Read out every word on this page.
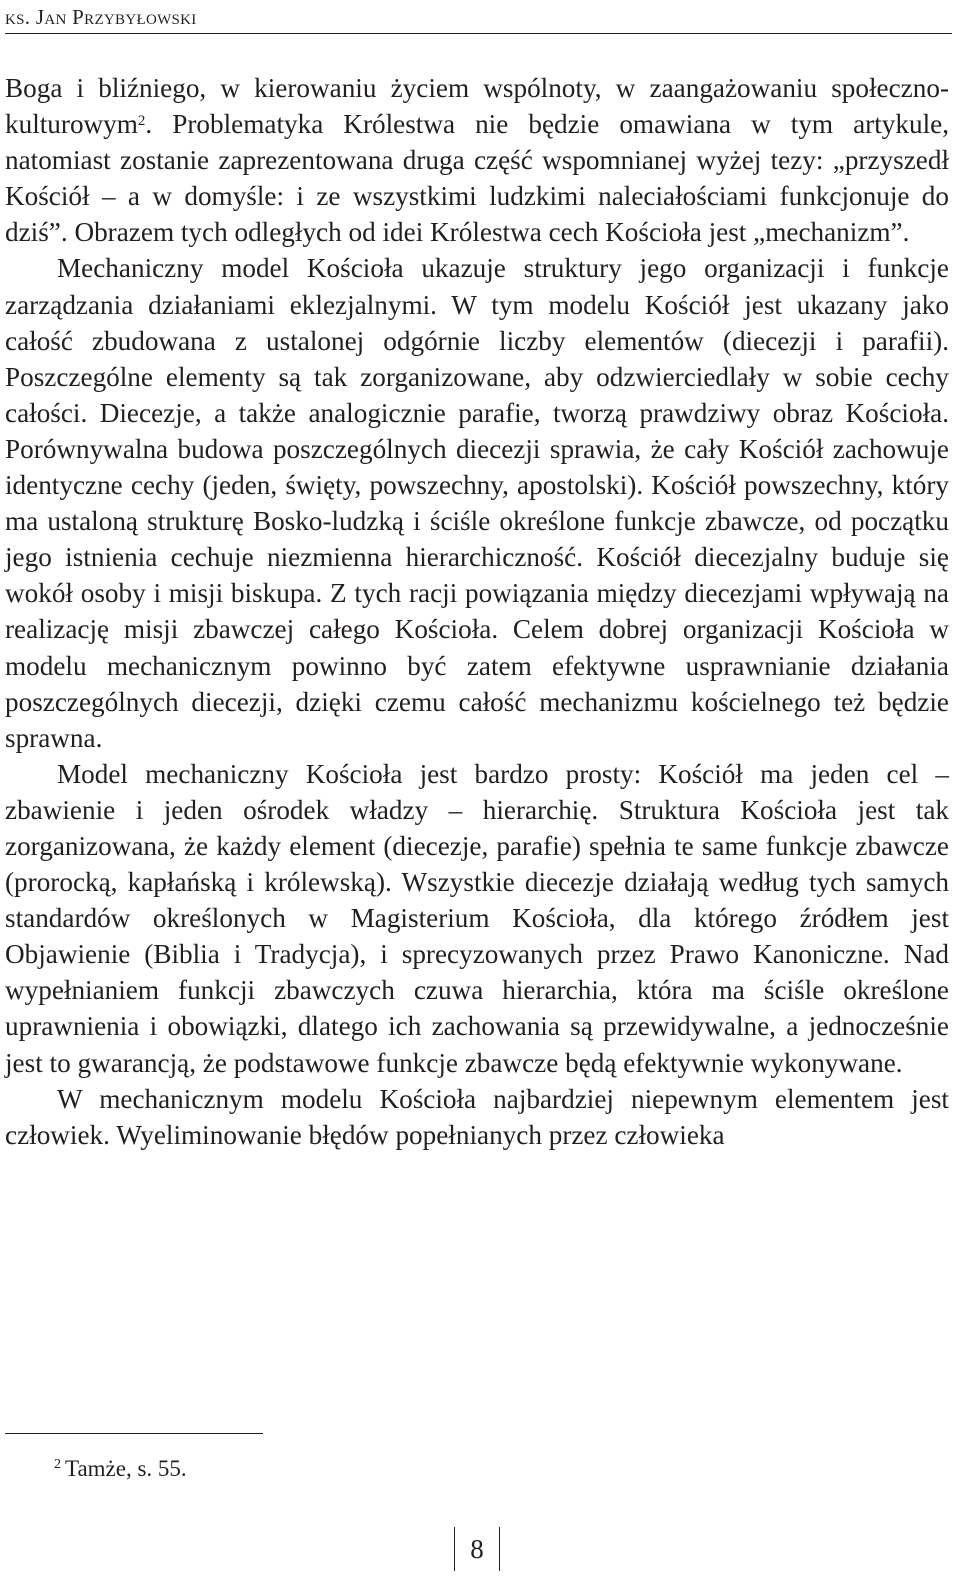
ks. Jan Przybyłowski

Boga i bliźniego, w kierowaniu życiem wspólnoty, w zaangażowaniu społeczno-kulturowym$^2$. Problematyka Królestwa nie będzie omawiana w tym artykule, natomiast zostanie zaprezentowana druga część wspomnianej wyżej tezy: „przyszedł Kościół – a w domyśle: i ze wszystkimi ludzkimi naleciałościami funkcjonuje do dziś”. Obrazem tych odległych od idei Królestwa cech Kościoła jest „mechanizm”.

Mechaniczny model Kościoła ukazuje struktury jego organizacji i funkcje zarządzania działaniami eklezjalnymi. W tym modelu Kościół jest ukazany jako całość zbudowana z ustalonej odgórnie liczby elementów (diecezji i parafii). Poszczególne elementy są tak zorganizowane, aby odzwierciedlały w sobie cechy całości. Diecezje, a także analogicznie parafie, tworzą prawdziwy obraz Kościoła. Porównywalna budowa poszczególnych diecezji sprawia, że cały Kościół zachowuje identyczne cechy (jeden, święty, powszechny, apostolski). Kościół powszechny, który ma ustaloną strukturę Bosko-ludzką i ściśle określone funkcje zbawcze, od początku jego istnienia cechuje niezmienna hierarchiczność. Kościół diecezjalny buduje się wokół osoby i misji biskupa. Z tych racji powiązania między diecezjami wpływają na realizację misji zbawczej całego Kościoła. Celem dobrej organizacji Kościoła w modelu mechanicznym powinno być zatem efektywne usprawnianie działania poszczególnych diecezji, dzięki czemu całość mechanizmu kościelnego też będzie sprawna.

Model mechaniczny Kościoła jest bardzo prosty: Kościół ma jeden cel – zbawienie i jeden ośrodek władzy – hierarchię. Struktura Kościoła jest tak zorganizowana, że każdy element (diecezje, parafie) spełnia te same funkcje zbawcze (prorocką, kapłańską i królewską). Wszystkie diecezje działają według tych samych standardów określonych w Magisterium Kościoła, dla którego źródłem jest Objawienie (Biblia i Tradycja), i sprecyzowanych przez Prawo Kanoniczne. Nad wypełnianiem funkcji zbawczych czuwa hierarchia, która ma ściśle określone uprawnienia i obowiązki, dlatego ich zachowania są przewidywalne, a jednocześnie jest to gwarancją, że podstawowe funkcje zbawcze będą efektywnie wykonywane.

W mechanicznym modelu Kościoła najbardziej niepewnym elementem jest człowiek. Wyeliminowanie błędów popełnianych przez człowieka

$^2$ Tamże, s. 55.
8
